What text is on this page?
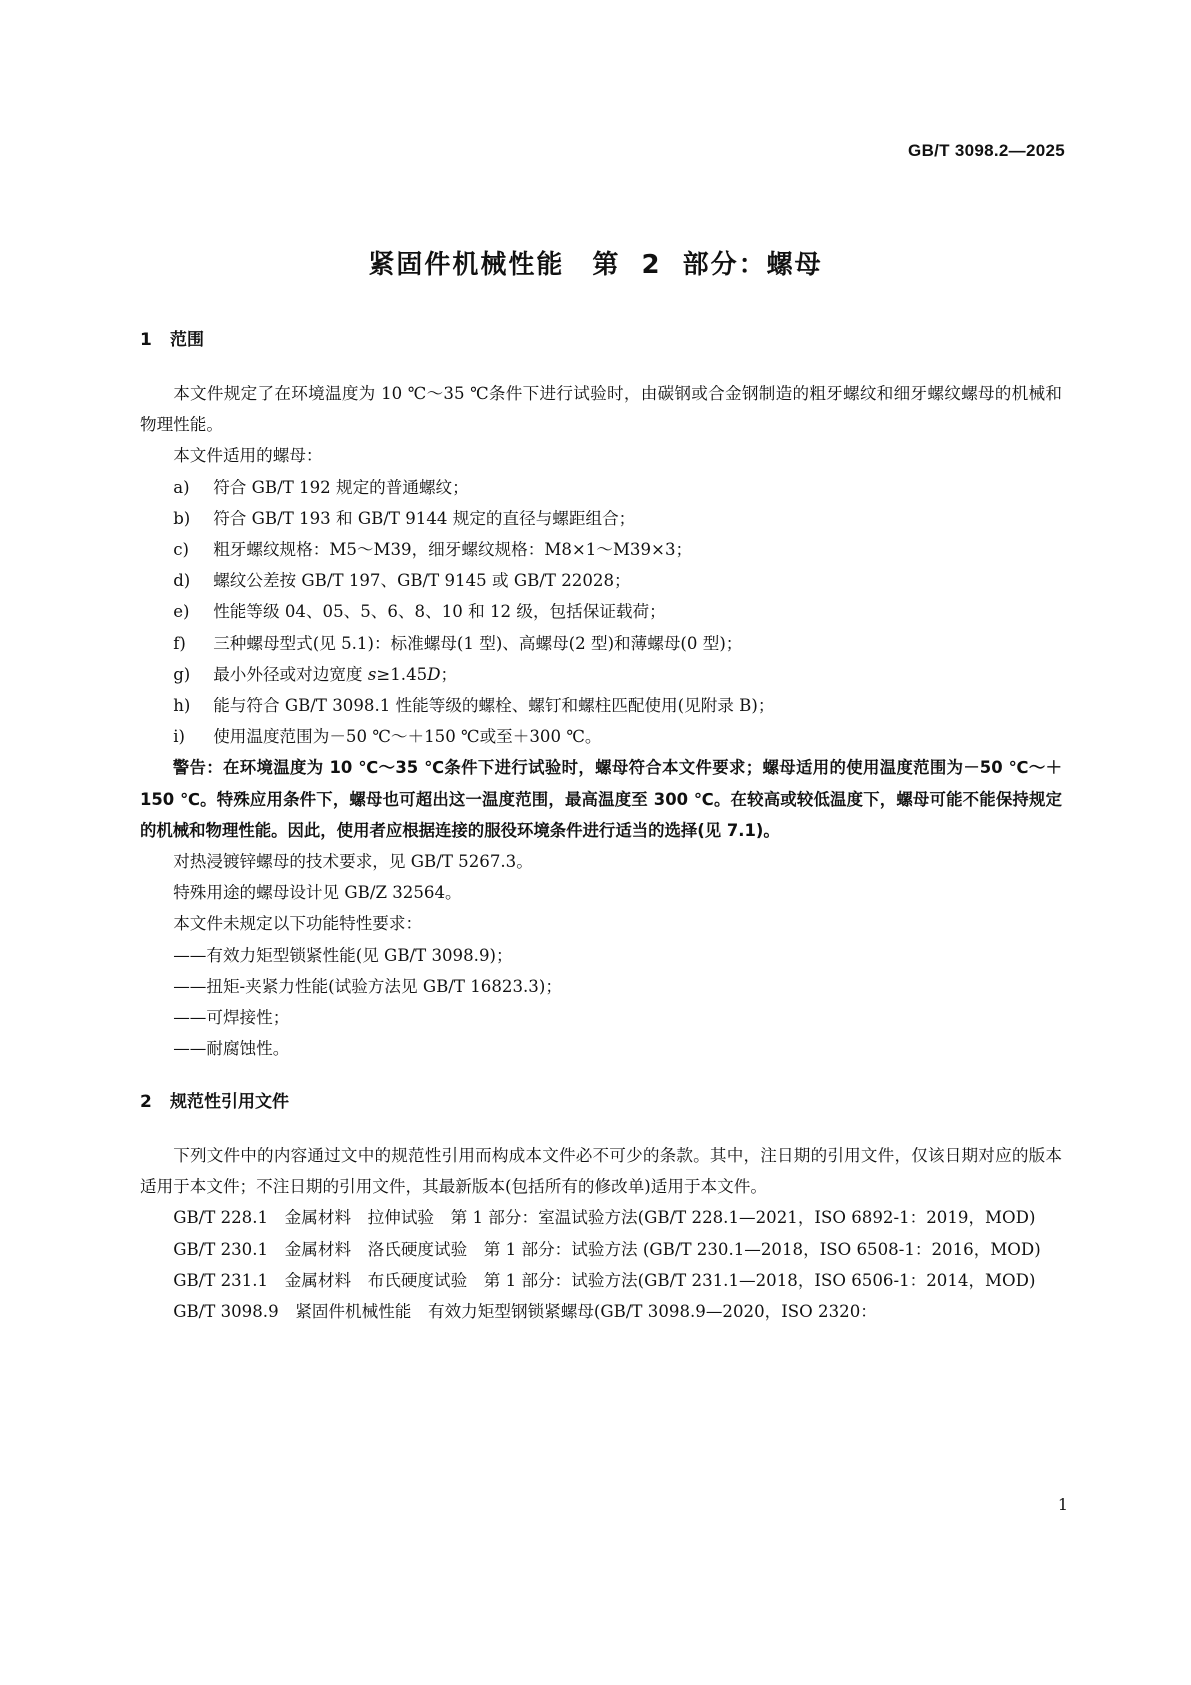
GB/T 3098.2—2025
紧固件机械性能　第 2 部分：螺母
1 范围

本文件规定了在环境温度为 10 ℃～35 ℃条件下进行试验时，由碳钢或合金钢制造的粗牙螺纹和细牙螺纹螺母的机械和物理性能。

本文件适用的螺母：

a) 符合 GB/T 192 规定的普通螺纹；
b) 符合 GB/T 193 和 GB/T 9144 规定的直径与螺距组合；
c) 粗牙螺纹规格：M5～M39，细牙螺纹规格：M8×1～M39×3；
d) 螺纹公差按 GB/T 197、GB/T 9145 或 GB/T 22028；
e) 性能等级 04、05、5、6、8、10 和 12 级，包括保证载荷；
f) 三种螺母型式(见 5.1)：标准螺母(1 型)、高螺母(2 型)和薄螺母(0 型)；
g) 最小外径或对边宽度 s≥1.45D；
h) 能与符合 GB/T 3098.1 性能等级的螺栓、螺钉和螺柱匹配使用(见附录 B)；
i) 使用温度范围为－50 ℃～＋150 ℃或至＋300 ℃。

警告：在环境温度为 10 ℃～35 ℃条件下进行试验时，螺母符合本文件要求；螺母适用的使用温度范围为－50 ℃～＋150 ℃。特殊应用条件下，螺母也可超出这一温度范围，最高温度至 300 ℃。在较高或较低温度下，螺母可能不能保持规定的机械和物理性能。因此，使用者应根据连接的服役环境条件进行适当的选择(见 7.1)。

对热浸镀锌螺母的技术要求，见 GB/T 5267.3。

特殊用途的螺母设计见 GB/Z 32564。

本文件未规定以下功能特性要求：

——有效力矩型锁紧性能(见 GB/T 3098.9)；
——扭矩-夹紧力性能(试验方法见 GB/T 16823.3)；
——可焊接性；
——耐腐蚀性。
2 规范性引用文件

下列文件中的内容通过文中的规范性引用而构成本文件必不可少的条款。其中，注日期的引用文件，仅该日期对应的版本适用于本文件；不注日期的引用文件，其最新版本(包括所有的修改单)适用于本文件。

GB/T 228.1　金属材料　拉伸试验　第 1 部分：室温试验方法(GB/T 228.1—2021，ISO 6892-1：2019，MOD)

GB/T 230.1　金属材料　洛氏硬度试验　第 1 部分：试验方法 (GB/T 230.1—2018，ISO 6508-1：2016，MOD)

GB/T 231.1　金属材料　布氏硬度试验　第 1 部分：试验方法(GB/T 231.1—2018，ISO 6506-1：2014，MOD)

GB/T 3098.9　紧固件机械性能　有效力矩型钢锁紧螺母(GB/T 3098.9—2020，ISO 2320：

1
